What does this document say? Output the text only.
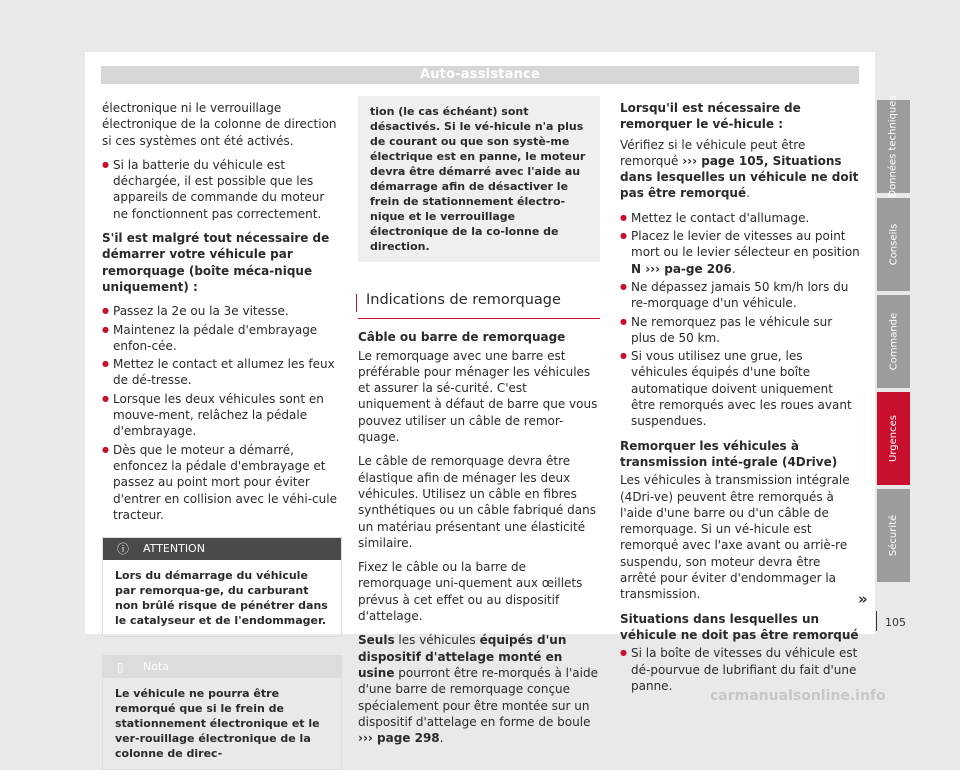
Auto-assistance

électronique ni le verrouillage électronique de la colonne de direction si ces systèmes ont été activés.

● Si la batterie du véhicule est déchargée, il est possible que les appareils de commande du moteur ne fonctionnent pas correctement.

S'il est malgré tout nécessaire de démarrer votre véhicule par remorquage (boîte méca-nique uniquement) :

● Passez la 2e ou la 3e vitesse.

● Maintenez la pédale d'embrayage enfon-cée.

● Mettez le contact et allumez les feux de dé-tresse.

● Lorsque les deux véhicules sont en mouve-ment, relâchez la pédale d'embrayage.

● Dès que le moteur a démarré, enfoncez la pédale d'embrayage et passez au point mort pour éviter d'entrer en collision avec le véhi-cule tracteur.

ⓘ	ATTENTION
Lors du démarrage du véhicule par remorqua-ge, du carburant non brûlé risque de pénétrer dans le catalyseur et de l'endommager.
▯	Nota
Le véhicule ne pourra être remorqué que si le frein de stationnement électronique et le ver-rouillage électronique de la colonne de direc-
tion (le cas échéant) sont désactivés. Si le vé-hicule n'a plus de courant ou que son systè-me électrique est en panne, le moteur devra être démarré avec l'aide au démarrage afin de désactiver le frein de stationnement électro-nique et le verrouillage électronique de la co-lonne de direction.
Indications de remorquage

Câble ou barre de remorquage

Le remorquage avec une barre est préférable pour ménager les véhicules et assurer la sé-curité. C'est uniquement à défaut de barre que vous pouvez utiliser un câble de remor-quage.

Le câble de remorquage devra être élastique afin de ménager les deux véhicules. Utilisez un câble en fibres synthétiques ou un câble fabriqué dans un matériau présentant une élasticité similaire.

Fixez le câble ou la barre de remorquage uni-quement aux œillets prévus à cet effet ou au dispositif d'attelage.

Seuls les véhicules équipés d'un dispositif d'attelage monté en usine pourront être re-morqués à l'aide d'une barre de remorquage conçue spécialement pour être montée sur un dispositif d'attelage en forme de boule ››› page 298.

Lorsqu'il est nécessaire de remorquer le vé-hicule :

Vérifiez si le véhicule peut être remorqué ››› page 105, Situations dans lesquelles un véhicule ne doit pas être remorqué.

● Mettez le contact d'allumage.

● Placez le levier de vitesses au point mort ou le levier sélecteur en position N ››› pa-ge 206.

● Ne dépassez jamais 50 km/h lors du re-morquage d'un véhicule.

● Ne remorquez pas le véhicule sur plus de 50 km.

● Si vous utilisez une grue, les véhicules équipés d'une boîte automatique doivent uniquement être remorqués avec les roues avant suspendues.

Remorquer les véhicules à transmission inté-grale (4Drive)

Les véhicules à transmission intégrale (4Dri-ve) peuvent être remorqués à l'aide d'une barre ou d'un câble de remorquage. Si un vé-hicule est remorqué avec l'axe avant ou arriè-re suspendu, son moteur devra être arrêté pour éviter d'endommager la transmission.

Situations dans lesquelles un véhicule ne doit pas être remorqué

● Si la boîte de vitesses du véhicule est dé-pourvue de lubrifiant du fait d'une panne.

Données techniques
Conseils
Commande
Urgences
Sécurité
»
105
carmanualsonline.info
